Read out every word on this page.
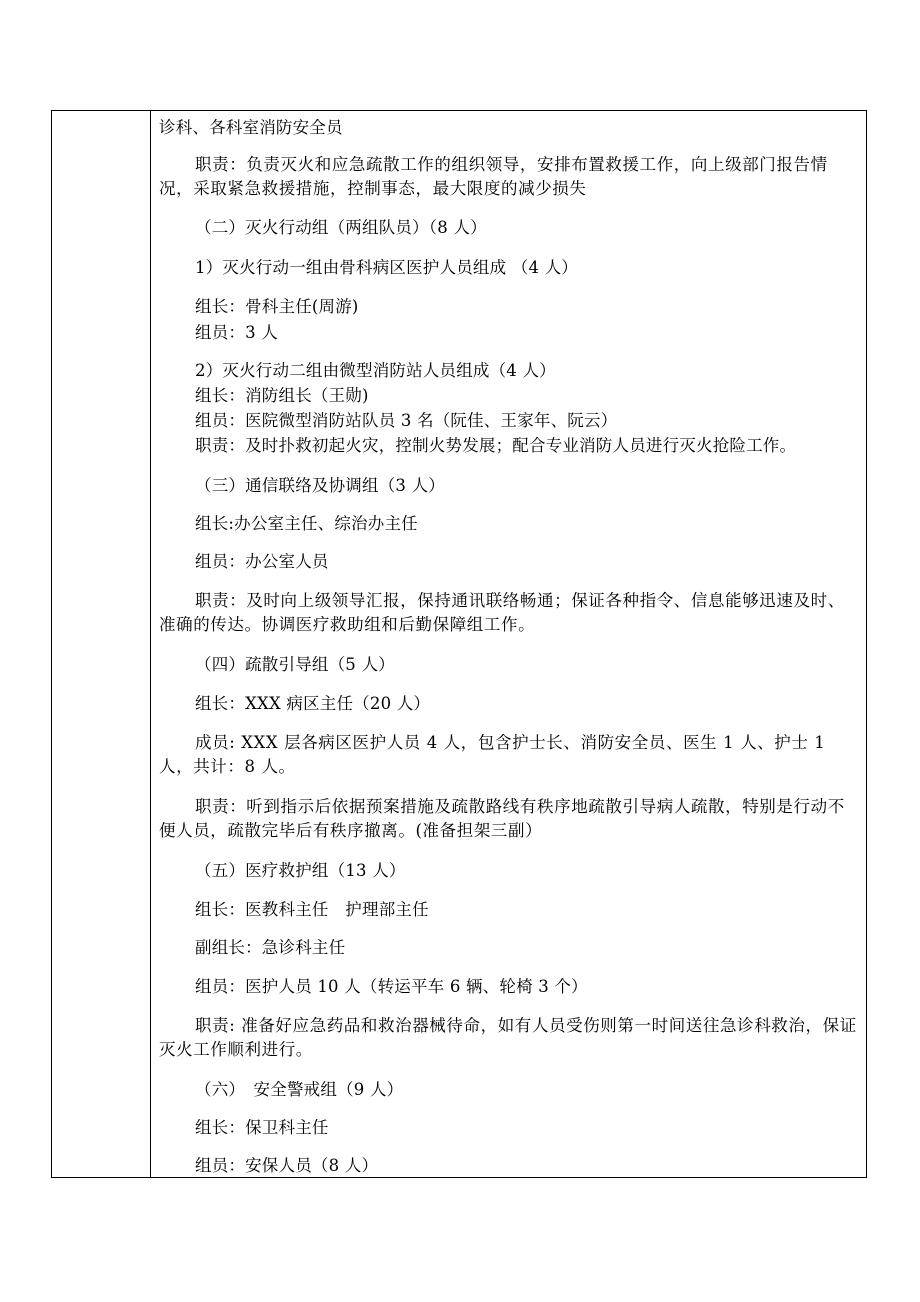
诊科、各科室消防安全员
职责：负责灭火和应急疏散工作的组织领导，安排布置救援工作，向上级部门报告情况，采取紧急救援措施，控制事态，最大限度的减少损失
（二）灭火行动组（两组队员）（8 人）
1）灭火行动一组由骨科病区医护人员组成 （4 人）
组长：骨科主任(周游)
组员：3 人
2）灭火行动二组由微型消防站人员组成（4 人）
组长：消防组长（王勋)
组员：医院微型消防站队员 3 名（阮佳、王家年、阮云）
职责：及时扑救初起火灾，控制火势发展；配合专业消防人员进行灭火抢险工作。
（三）通信联络及协调组（3 人）
组长:办公室主任、综治办主任
组员：办公室人员
职责：及时向上级领导汇报，保持通讯联络畅通；保证各种指令、信息能够迅速及时、准确的传达。协调医疗救助组和后勤保障组工作。
（四）疏散引导组（5 人）
组长：XXX 病区主任（20 人）
成员: XXX 层各病区医护人员 4 人，包含护士长、消防安全员、医生 1 人、护士 1 人，共计：8 人。
职责：听到指示后依据预案措施及疏散路线有秩序地疏散引导病人疏散，特别是行动不便人员，疏散完毕后有秩序撤离。(准备担架三副）
（五）医疗救护组（13 人）
组长：医教科主任　护理部主任
副组长：急诊科主任
组员：医护人员 10 人（转运平车 6 辆、轮椅 3 个）
职责: 准备好应急药品和救治器械待命，如有人员受伤则第一时间送往急诊科救治，保证灭火工作顺利进行。
（六）　安全警戒组（9 人）
组长：保卫科主任
组员：安保人员（8 人）
